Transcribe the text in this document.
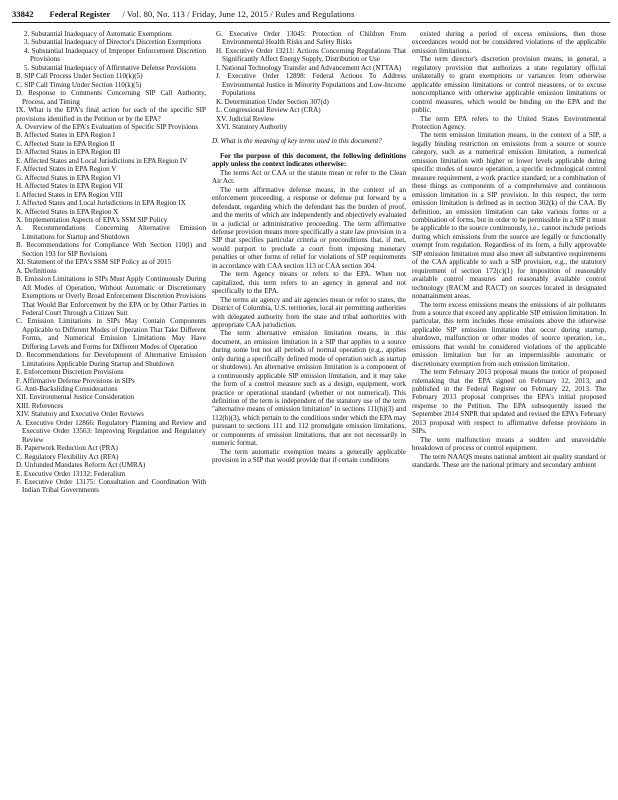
33842 Federal Register / Vol. 80, No. 113 / Friday, June 12, 2015 / Rules and Regulations

2. Substantial Inadequacy of Automatic Exemptions

3. Substantial Inadequacy of Director's Discretion Exemptions

4. Substantial Inadequacy of Improper Enforcement Discretion Provisions

5. Substantial Inadequacy of Affirmative Defense Provisions

B. SIP Call Process Under Section 110(k)(5)

C. SIP Call Timing Under Section 110(k)(5)

D. Response to Comments Concerning SIP Call Authority, Process, and Timing

IX. What is the EPA's final action for each of the specific SIP provisions identified in the Petition or by the EPA?

A. Overview of the EPA's Evaluation of Specific SIP Provisions

B. Affected States in EPA Region I

C. Affected State in EPA Region II

D. Affected States in EPA Region III

E. Affected States and Local Jurisdictions in EPA Region IV

F. Affected States in EPA Region V

G. Affected States in EPA Region VI

H. Affected States in EPA Region VII

I. Affected States in EPA Region VIII

J. Affected States and Local Jurisdictions in EPA Region IX

K. Affected States in EPA Region X

X. Implementation Aspects of EPA's SSM SIP Policy

A. Recommendations Concerning Alternative Emission Limitations for Startup and Shutdown

B. Recommendations for Compliance With Section 110(l) and Section 193 for SIP Revisions

XI. Statement of the EPA's SSM SIP Policy as of 2015

A. Definitions

B. Emission Limitations in SIPs Must Apply Continuously During All Modes of Operation, Without Automatic or Discretionary Exemptions or Overly Broad Enforcement Discretion Provisions That Would Bar Enforcement by the EPA or by Other Parties in Federal Court Through a Citizen Suit

C. Emission Limitations in SIPs May Contain Components Applicable to Different Modes of Operation That Take Different Forms, and Numerical Emission Limitations May Have Differing Levels and Forms for Different Modes of Operation

D. Recommendations for Development of Alternative Emission Limitations Applicable During Startup and Shutdown

E. Enforcement Discretion Provisions

F. Affirmative Defense Provisions in SIPs

G. Anti-Backsliding Considerations

XII. Environmental Justice Consideration

XIII. References

XIV. Statutory and Executive Order Reviews

A. Executive Order 12866: Regulatory Planning and Review and Executive Order 13563: Improving Regulation and Regulatory Review

B. Paperwork Reduction Act (PRA)

C. Regulatory Flexibility Act (RFA)

D. Unfunded Mandates Reform Act (UMRA)

E. Executive Order 13132: Federalism

F. Executive Order 13175: Consultation and Coordination With Indian Tribal Governments

G. Executive Order 13045: Protection of Children From Environmental Health Risks and Safety Risks

H. Executive Order 13211: Actions Concerning Regulations That Significantly Affect Energy Supply, Distribution or Use

I. National Technology Transfer and Advancement Act (NTTAA)

J. Executive Order 12898: Federal Actions To Address Environmental Justice in Minority Populations and Low-Income Populations

K. Determination Under Section 307(d)

L. Congressional Review Act (CRA)

XV. Judicial Review

XVI. Statutory Authority

D. What is the meaning of key terms used in this document?

For the purpose of this document, the following definitions apply unless the context indicates otherwise:

The terms Act or CAA or the statute mean or refer to the Clean Air Act.

The term affirmative defense means, in the context of an enforcement proceeding, a response or defense put forward by a defendant, regarding which the defendant has the burden of proof, and the merits of which are independently and objectively evaluated in a judicial or administrative proceeding. The term affirmative defense provision means more specifically a state law provision in a SIP that specifies particular criteria or preconditions that, if met, would purport to preclude a court from imposing monetary penalties or other forms of relief for violations of SIP requirements in accordance with CAA section 113 or CAA section 304.

The term Agency means or refers to the EPA. When not capitalized, this term refers to an agency in general and not specifically to the EPA.

The terms air agency and air agencies mean or refer to states, the District of Columbia, U.S. territories, local air permitting authorities with delegated authority from the state and tribal authorities with appropriate CAA jurisdiction.

The term alternative emission limitation means, in this document, an emission limitation in a SIP that applies to a source during some but not all periods of normal operation (e.g., applies only during a specifically defined mode of operation such as startup or shutdown). An alternative emission limitation is a component of a continuously applicable SIP emission limitation, and it may take the form of a control measure such as a design, equipment, work practice or operational standard (whether or not numerical). This definition of the term is independent of the statutory use of the term "alternative means of emission limitation" in sections 111(h)(3) and 112(h)(3), which pertain to the conditions under which the EPA may pursuant to sections 111 and 112 promulgate emission limitations, or components of emission limitations, that are not necessarily in numeric format.

The term automatic exemption means a generally applicable provision in a SIP that would provide that if certain conditions

existed during a period of excess emissions, then those exceedances would not be considered violations of the applicable emission limitations.

The term director's discretion provision means, in general, a regulatory provision that authorizes a state regulatory official unilaterally to grant exemptions or variances from otherwise applicable emission limitations or control measures, or to excuse noncompliance with otherwise applicable emission limitations or control measures, which would be binding on the EPA and the public.

The term EPA refers to the United States Environmental Protection Agency.

The term emission limitation means, in the context of a SIP, a legally binding restriction on emissions from a source or source category, such as a numerical emission limitation, a numerical emission limitation with higher or lower levels applicable during specific modes of source operation, a specific technological control measure requirement, a work practice standard, or a combination of these things as components of a comprehensive and continuous emission limitation in a SIP provision. In this respect, the term emission limitation is defined as in section 302(k) of the CAA. By definition, an emission limitation can take various forms or a combination of forms, but in order to be permissible in a SIP it must be applicable to the source continuously, i.e., cannot include periods during which emissions from the source are legally or functionally exempt from regulation. Regardless of its form, a fully approvable SIP emission limitation must also meet all substantive requirements of the CAA applicable to such a SIP provision, e.g., the statutory requirement of section 172(c)(1) for imposition of reasonably available control measures and reasonably available control technology (RACM and RACT) on sources located in designated nonattainment areas.

The term excess emissions means the emissions of air pollutants from a source that exceed any applicable SIP emission limitation. In particular, this term includes those emissions above the otherwise applicable SIP emission limitation that occur during startup, shutdown, malfunction or other modes of source operation, i.e., emissions that would be considered violations of the applicable emission limitation but for an impermissible automatic or discretionary exemption from such emission limitation.

The term February 2013 proposal means the notice of proposed rulemaking that the EPA signed on February 12, 2013, and published in the Federal Register on February 22, 2013. The February 2013 proposal comprises the EPA's initial proposed response to the Petition. The EPA subsequently issued the September 2014 SNPR that updated and revised the EPA's February 2013 proposal with respect to affirmative defense provisions in SIPs.

The term malfunction means a sudden and unavoidable breakdown of process or control equipment.

The term NAAQS means national ambient air quality standard or standards. These are the national primary and secondary ambient
